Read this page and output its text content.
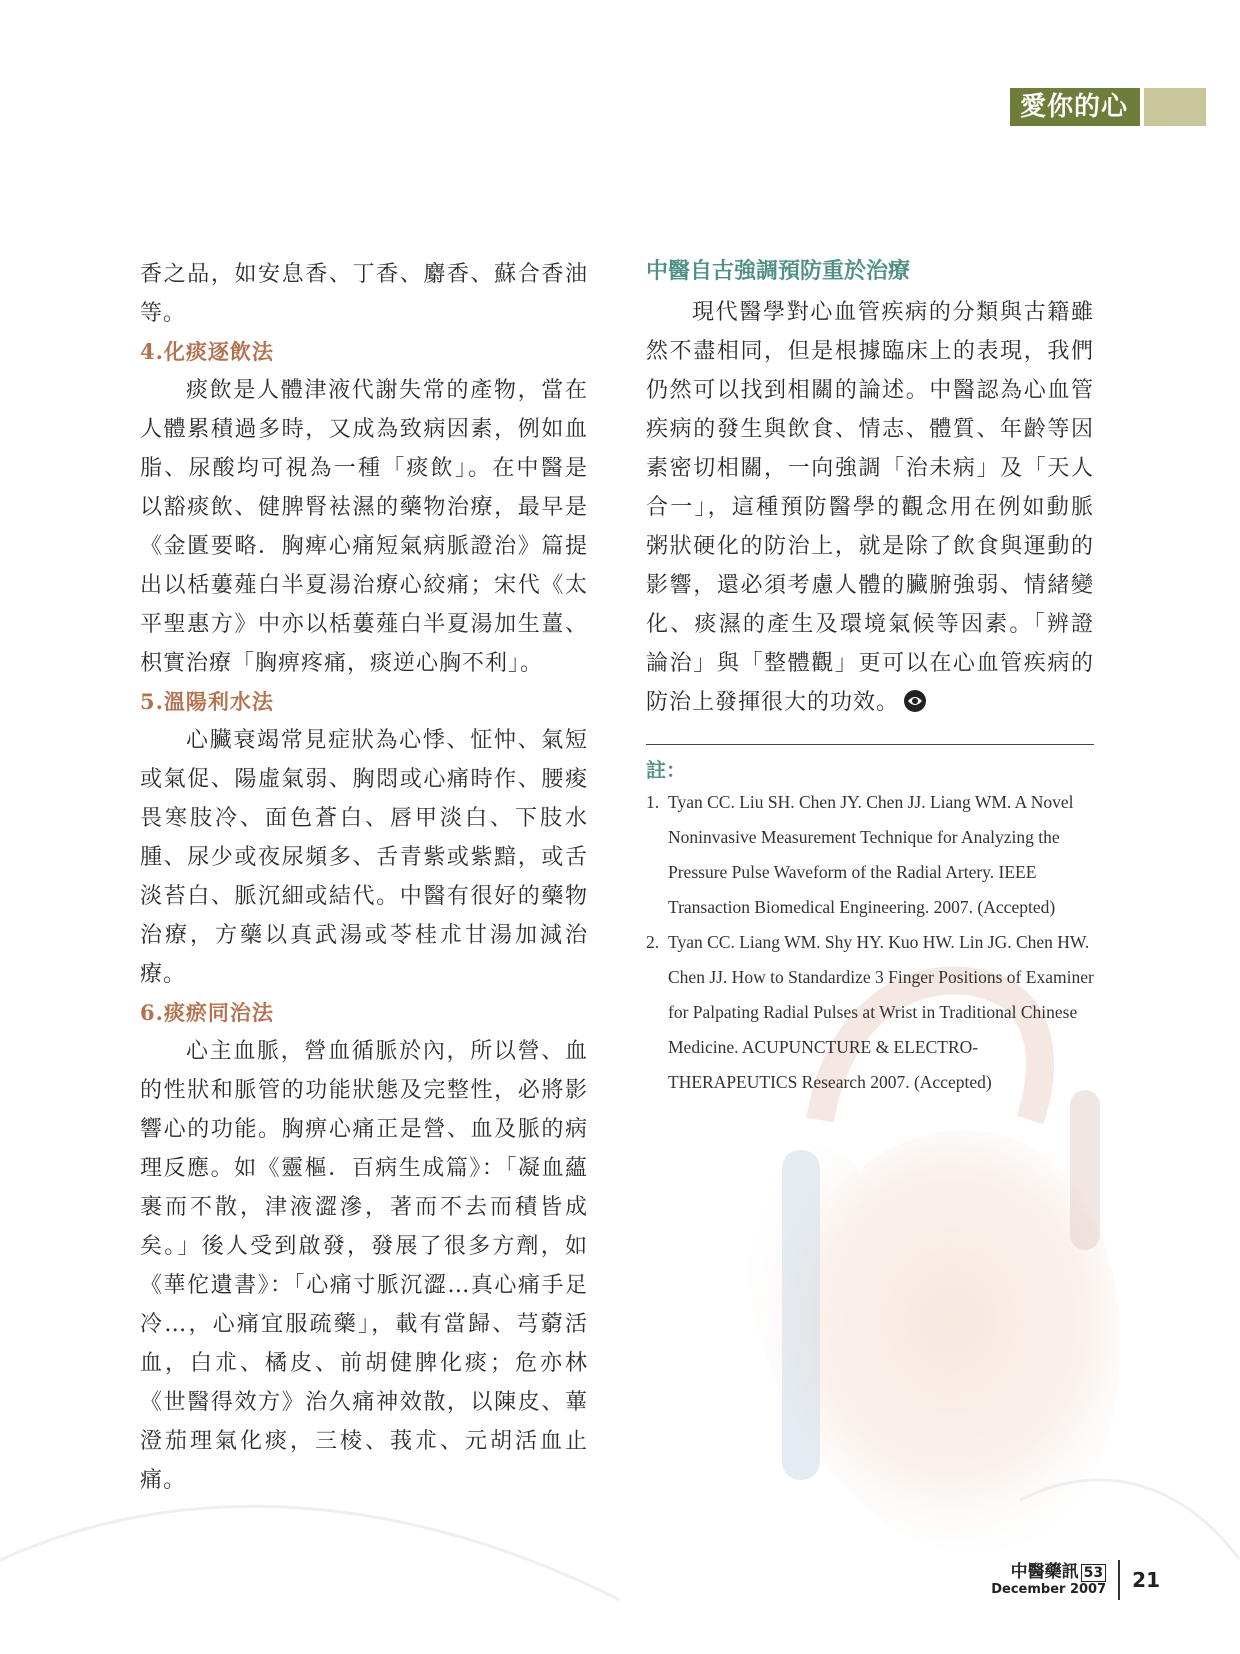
愛你的心

香之品，如安息香、丁香、麝香、蘇合香油等。

4.化痰逐飲法

痰飲是人體津液代謝失常的產物，當在人體累積過多時，又成為致病因素，例如血脂、尿酸均可視為一種「痰飲」。在中醫是以豁痰飲、健脾腎袪濕的藥物治療，最早是《金匱要略．胸痺心痛短氣病脈證治》篇提出以栝蔞薤白半夏湯治療心絞痛；宋代《太平聖惠方》中亦以栝蔞薤白半夏湯加生薑、枳實治療「胸痹疼痛，痰逆心胸不利」。

5.溫陽利水法

心臟衰竭常見症狀為心悸、怔忡、氣短或氣促、陽虛氣弱、胸悶或心痛時作、腰痠畏寒肢冷、面色蒼白、唇甲淡白、下肢水腫、尿少或夜尿頻多、舌青紫或紫黯，或舌淡苔白、脈沉細或結代。中醫有很好的藥物治療，方藥以真武湯或苓桂朮甘湯加減治療。

6.痰瘀同治法

心主血脈，營血循脈於內，所以營、血的性狀和脈管的功能狀態及完整性，必將影響心的功能。胸痹心痛正是營、血及脈的病理反應。如《靈樞．百病生成篇》：「凝血蘊裹而不散，津液澀滲，著而不去而積皆成矣。」後人受到啟發，發展了很多方劑，如《華佗遺書》：「心痛寸脈沉澀…真心痛手足冷…，心痛宜服疏藥」，載有當歸、芎藭活血，白朮、橘皮、前胡健脾化痰；危亦林《世醫得效方》治久痛神效散，以陳皮、蓽澄茄理氣化痰，三棱、莪朮、元胡活血止痛。

中醫自古強調預防重於治療

現代醫學對心血管疾病的分類與古籍雖然不盡相同，但是根據臨床上的表現，我們仍然可以找到相關的論述。中醫認為心血管疾病的發生與飲食、情志、體質、年齡等因素密切相關，一向強調「治未病」及「天人合一」，這種預防醫學的觀念用在例如動脈粥狀硬化的防治上，就是除了飲食與運動的影響，還必須考慮人體的臟腑強弱、情緒變化、痰濕的產生及環境氣候等因素。「辨證論治」與「整體觀」更可以在心血管疾病的防治上發揮很大的功效。

註：

1. Tyan CC. Liu SH. Chen JY. Chen JJ. Liang WM. A Novel Noninvasive Measurement Technique for Analyzing the Pressure Pulse Waveform of the Radial Artery. IEEE Transaction Biomedical Engineering. 2007. (Accepted)

2. Tyan CC. Liang WM. Shy HY. Kuo HW. Lin JG. Chen HW. Chen JJ. How to Standardize 3 Finger Positions of Examiner for Palpating Radial Pulses at Wrist in Traditional Chinese Medicine. ACUPUNCTURE & ELECTRO-THERAPEUTICS Research 2007. (Accepted)

中醫藥訊 53
December 2007 21
